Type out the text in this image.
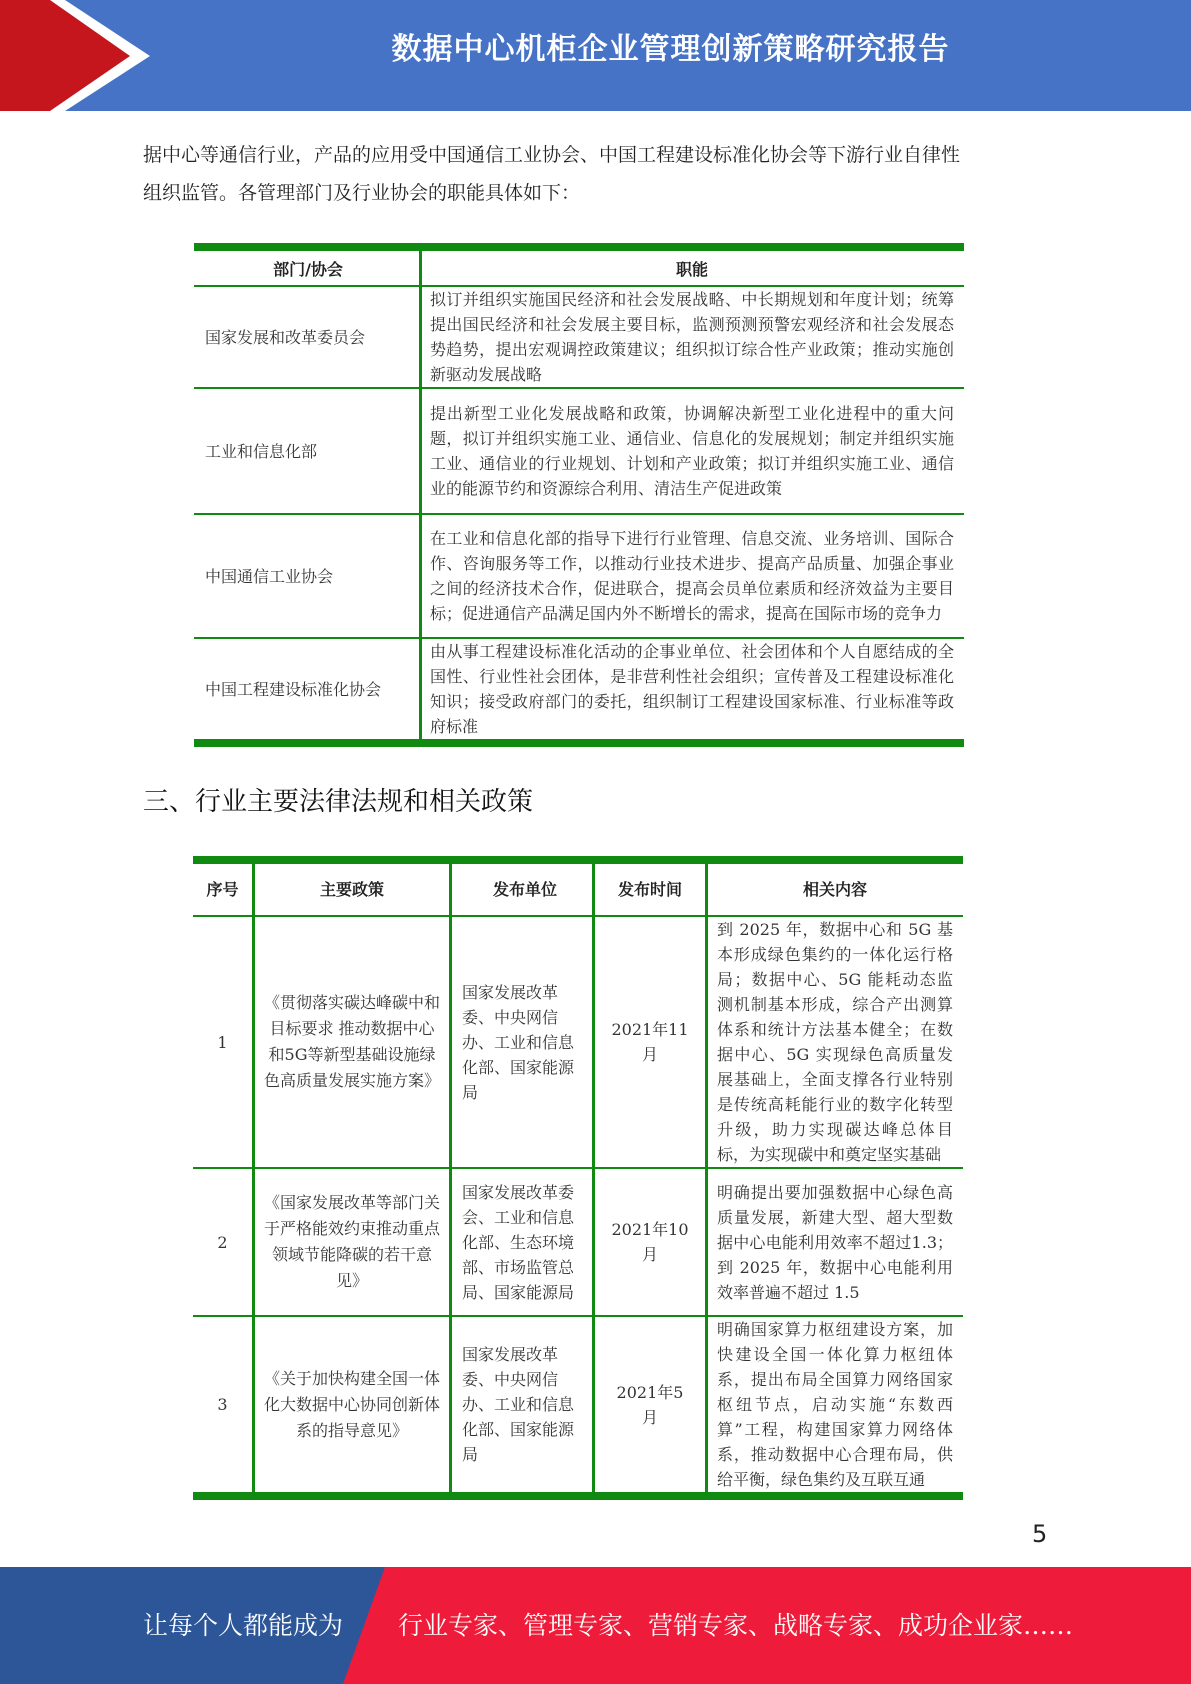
数据中心机柜企业管理创新策略研究报告

据中心等通信行业，产品的应用受中国通信工业协会、中国工程建设标准化协会等下游行业自律性

组织监管。各管理部门及行业协会的职能具体如下：

部门/协会	职能
国家发展和改革委员会	拟订并组织实施国民经济和社会发展战略、中长期规划和年度计划；统筹提出国民经济和社会发展主要目标，监测预测预警宏观经济和社会发展态势趋势，提出宏观调控政策建议；组织拟订综合性产业政策；推动实施创新驱动发展战略
工业和信息化部	提出新型工业化发展战略和政策，协调解决新型工业化进程中的重大问题，拟订并组织实施工业、通信业、信息化的发展规划；制定并组织实施工业、通信业的行业规划、计划和产业政策；拟订并组织实施工业、通信业的能源节约和资源综合利用、清洁生产促进政策
中国通信工业协会	在工业和信息化部的指导下进行行业管理、信息交流、业务培训、国际合作、咨询服务等工作，以推动行业技术进步、提高产品质量、加强企事业之间的经济技术合作，促进联合，提高会员单位素质和经济效益为主要目标；促进通信产品满足国内外不断增长的需求，提高在国际市场的竞争力
中国工程建设标准化协会	由从事工程建设标准化活动的企事业单位、社会团体和个人自愿结成的全国性、行业性社会团体，是非营利性社会组织；宣传普及工程建设标准化知识；接受政府部门的委托，组织制订工程建设国家标准、行业标准等政府标准
三、行业主要法律法规和相关政策
序号	主要政策	发布单位	发布时间	相关内容
1	《贯彻落实碳达峰碳中和目标要求 推动数据中心和5G等新型基础设施绿色高质量发展实施方案》	国家发展改革委、中央网信办、工业和信息化部、国家能源局	2021年11月	到 2025 年，数据中心和 5G 基本形成绿色集约的一体化运行格局；数据中心、5G 能耗动态监测机制基本形成，综合产出测算体系和统计方法基本健全；在数据中心、5G 实现绿色高质量发展基础上，全面支撑各行业特别是传统高耗能行业的数字化转型升级，助力实现碳达峰总体目标，为实现碳中和奠定坚实基础
2	《国家发展改革等部门关于严格能效约束推动重点领域节能降碳的若干意见》	国家发展改革委会、工业和信息化部、生态环境部、市场监管总局、国家能源局	2021年10月	明确提出要加强数据中心绿色高质量发展，新建大型、超大型数据中心电能利用效率不超过1.3；到 2025 年，数据中心电能利用效率普遍不超过 1.5
3	《关于加快构建全国一体化大数据中心协同创新体系的指导意见》	国家发展改革委、中央网信办、工业和信息化部、国家能源局	2021年5月	明确国家算力枢纽建设方案，加快建设全国一体化算力枢纽体系，提出布局全国算力网络国家枢纽节点，启动实施“东数西算”工程，构建国家算力网络体系，推动数据中心合理布局，供给平衡，绿色集约及互联互通
5
让每个人都能成为 行业专家、管理专家、营销专家、战略专家、成功企业家……
